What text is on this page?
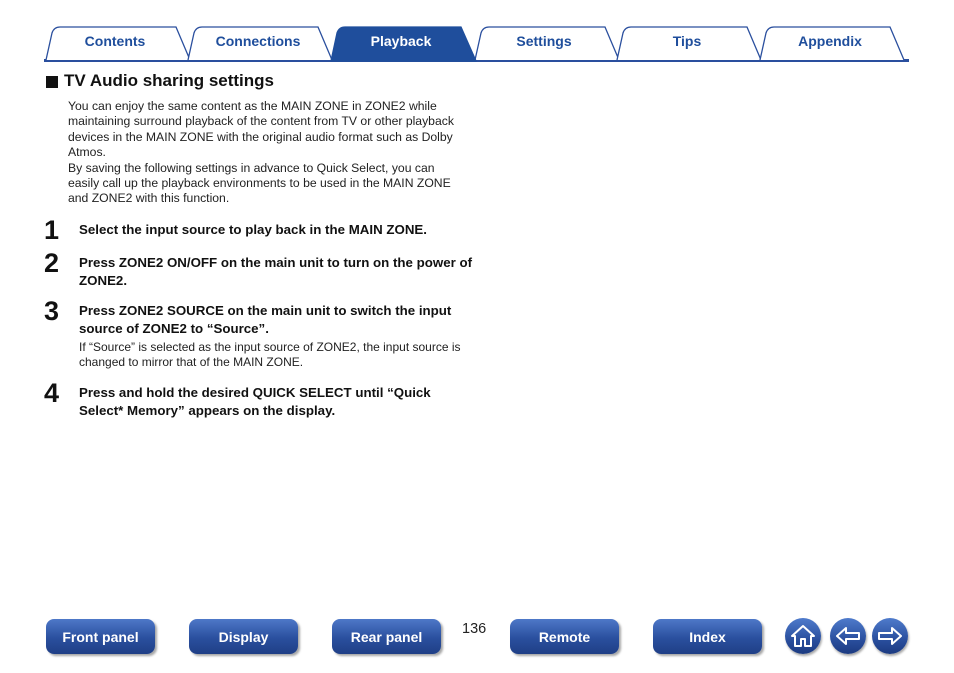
Contents	Connections	Playback	Settings	Tips	Appendix
TV Audio sharing settings

You can enjoy the same content as the MAIN ZONE in ZONE2 while maintaining surround playback of the content from TV or other playback devices in the MAIN ZONE with the original audio format such as Dolby Atmos.

By saving the following settings in advance to Quick Select, you can easily call up the playback environments to be used in the MAIN ZONE and ZONE2 with this function.

1 Select the input source to play back in the MAIN ZONE.
2 Press ZONE2 ON/OFF on the main unit to turn on the power of ZONE2.
3 Press ZONE2 SOURCE on the main unit to switch the input source of ZONE2 to “Source”.
If “Source” is selected as the input source of ZONE2, the input source is changed to mirror that of the MAIN ZONE.
4 Press and hold the desired QUICK SELECT until “Quick Select* Memory” appears on the display.
Front panel	Display	Rear panel	136	Remote	Index
